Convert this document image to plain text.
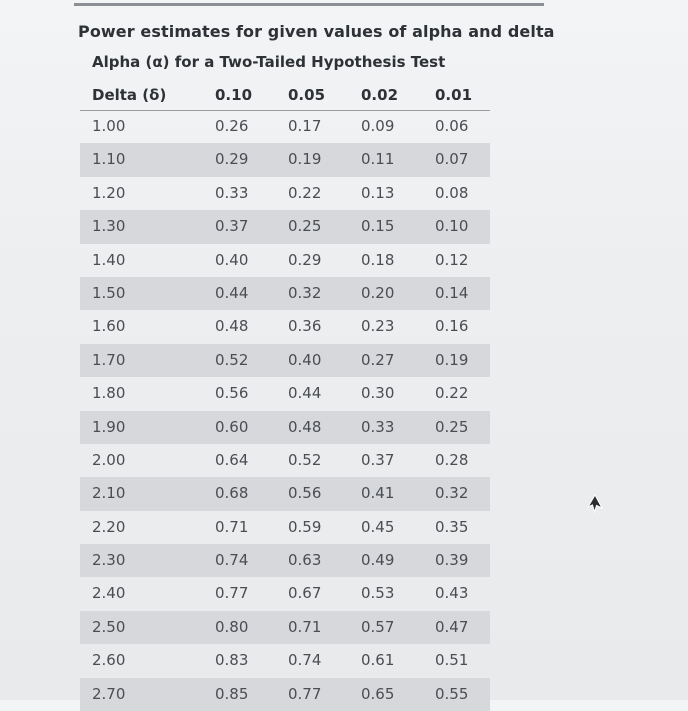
Power estimates for given values of alpha and delta
Alpha (α) for a Two-Tailed Hypothesis Test
Delta (δ)	0.10 0.05 0.02 0.01
1.00	0.26	0.17	0.09	0.06
1.10	0.29	0.19	0.11	0.07
1.20	0.33	0.22	0.13	0.08
1.30	0.37	0.25	0.15	0.10
1.40	0.40	0.29	0.18	0.12
1.50	0.44	0.32	0.20	0.14
1.60	0.48	0.36	0.23	0.16
1.70	0.52	0.40	0.27	0.19
1.80	0.56	0.44	0.30	0.22
1.90	0.60	0.48	0.33	0.25
2.00	0.64	0.52	0.37	0.28
2.10	0.68	0.56	0.41	0.32
2.20	0.71	0.59	0.45	0.35
2.30	0.74	0.63	0.49	0.39
2.40	0.77	0.67	0.53	0.43
2.50	0.80	0.71	0.57	0.47
2.60	0.83	0.74	0.61	0.51
2.70	0.85	0.77	0.65	0.55
